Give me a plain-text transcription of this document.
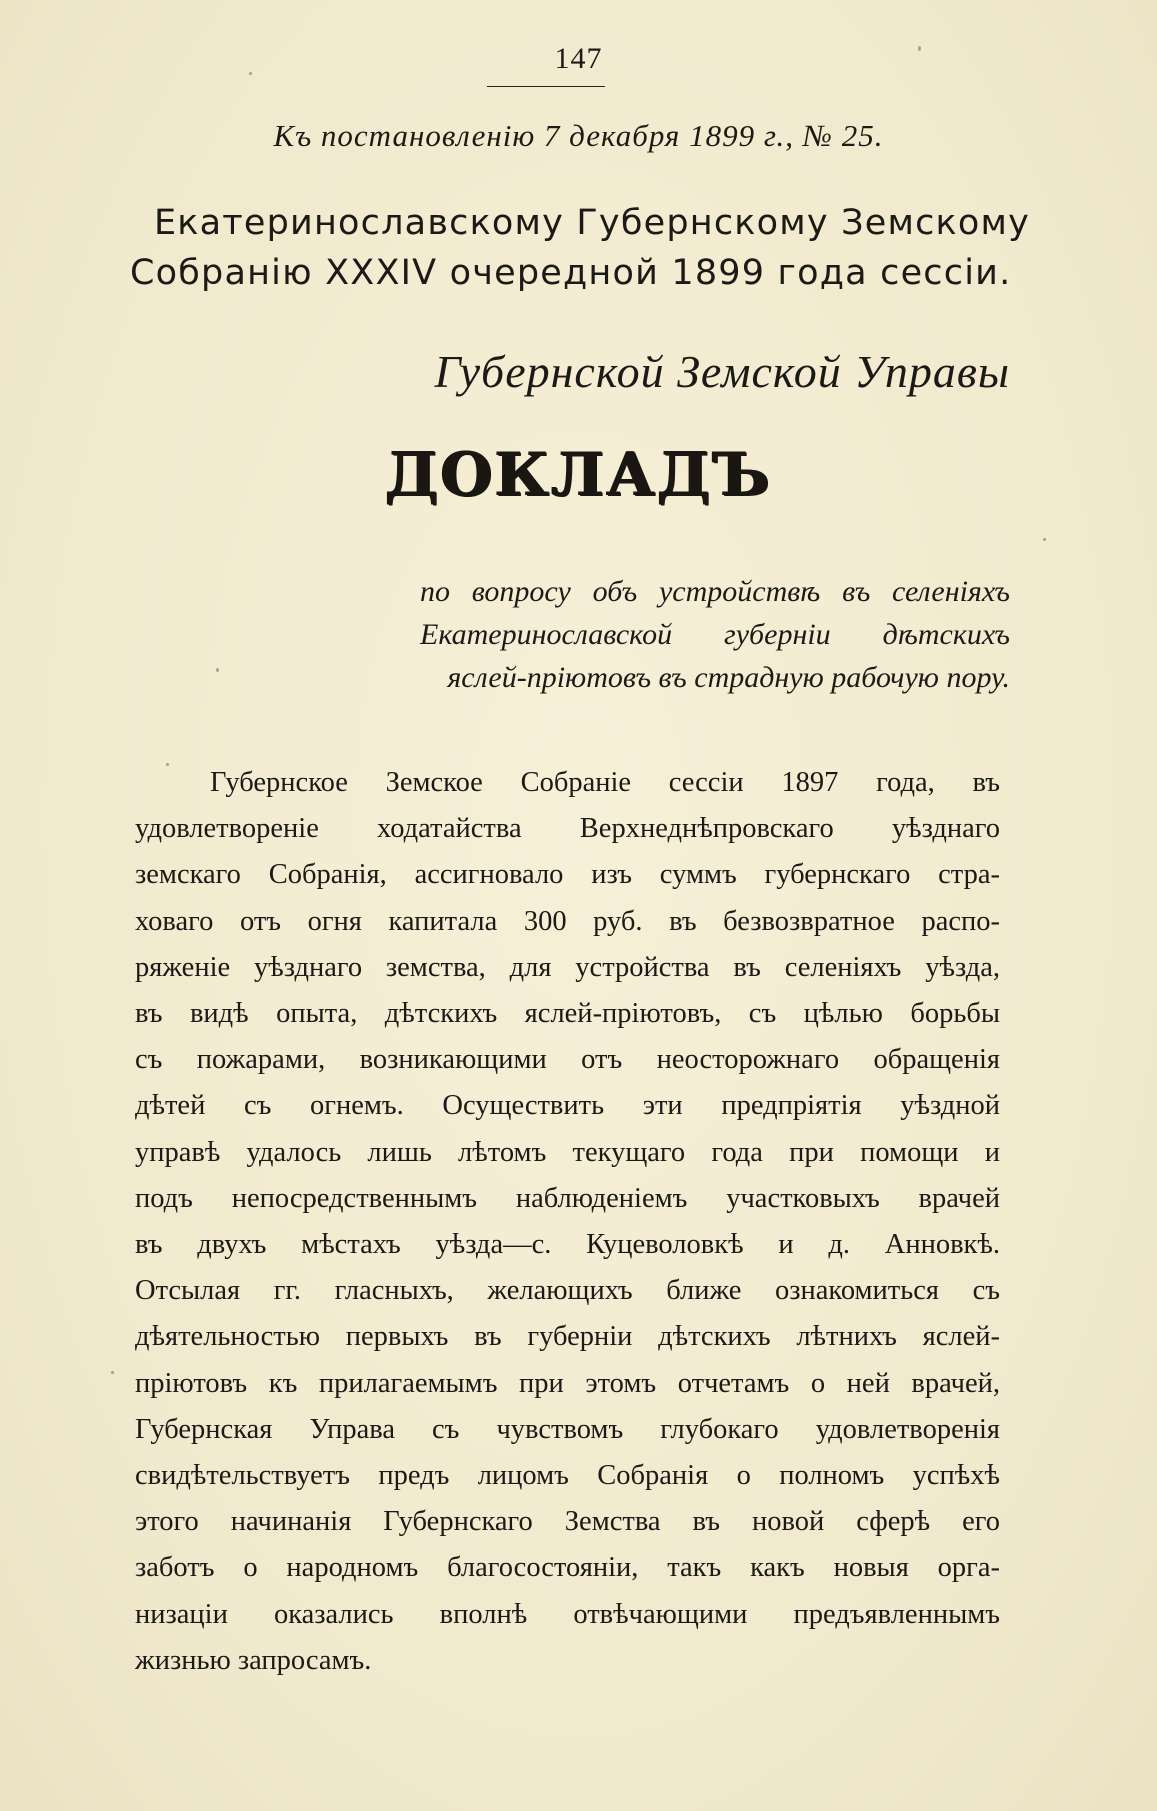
147
Къ постановленію 7 декабря 1899 г., № 25.
Екатеринославскому Губернскому Земскому
Собранію XXXIV очередной 1899 года сессіи.
Губернской Земской Управы
ДОКЛАДЪ
по вопросу объ устройствѣ въ селеніяхъ
Екатеринославской губерніи дѣтскихъ
яслей-пріютовъ въ страдную рабочую пору.
Губернское Земское Собраніе сессіи 1897 года, въ
удовлетвореніе ходатайства Верхнеднѣпровскаго уѣзднаго
земскаго Собранія, ассигновало изъ суммъ губернскаго стра-
ховаго отъ огня капитала 300 руб. въ безвозвратное распо-
ряженіе уѣзднаго земства, для устройства въ селеніяхъ уѣзда,
въ видѣ опыта, дѣтскихъ яслей-пріютовъ, съ цѣлью борьбы
съ пожарами, возникающими отъ неосторожнаго обращенія
дѣтей съ огнемъ. Осуществить эти предпріятія уѣздной
управѣ удалось лишь лѣтомъ текущаго года при помощи и
подъ непосредственнымъ наблюденіемъ участковыхъ врачей
въ двухъ мѣстахъ уѣзда—с. Куцеволовкѣ и д. Анновкѣ.
Отсылая гг. гласныхъ, желающихъ ближе ознакомиться съ
дѣятельностью первыхъ въ губерніи дѣтскихъ лѣтнихъ яслей-
пріютовъ къ прилагаемымъ при этомъ отчетамъ о ней врачей,
Губернская Управа съ чувствомъ глубокаго удовлетворенія
свидѣтельствуетъ предъ лицомъ Собранія о полномъ успѣхѣ
этого начинанія Губернскаго Земства въ новой сферѣ его
заботъ о народномъ благосостояніи, такъ какъ новыя орга-
низаціи оказались вполнѣ отвѣчающими предъявленнымъ
жизнью запросамъ.
